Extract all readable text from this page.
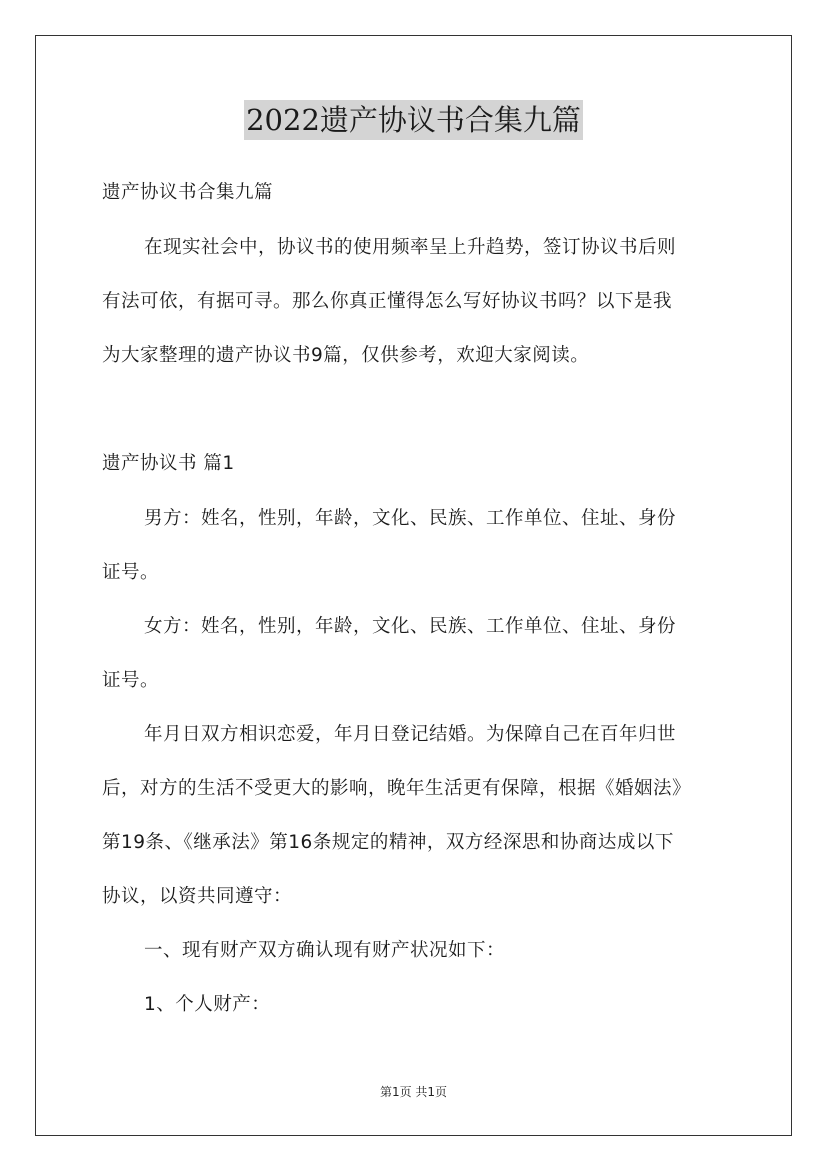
2022遗产协议书合集九篇
遗产协议书合集九篇
在现实社会中，协议书的使用频率呈上升趋势，签订协议书后则
有法可依，有据可寻。那么你真正懂得怎么写好协议书吗？以下是我
为大家整理的遗产协议书9篇，仅供参考，欢迎大家阅读。
遗产协议书 篇1
男方：姓名，性别，年龄，文化、民族、工作单位、住址、身份
证号。
女方：姓名，性别，年龄，文化、民族、工作单位、住址、身份
证号。
年月日双方相识恋爱，年月日登记结婚。为保障自己在百年归世
后，对方的生活不受更大的影响，晚年生活更有保障，根据《婚姻法》
第19条、《继承法》第16条规定的精神，双方经深思和协商达成以下
协议，以资共同遵守：
一、现有财产双方确认现有财产状况如下：
1、个人财产：
第1页 共1页
